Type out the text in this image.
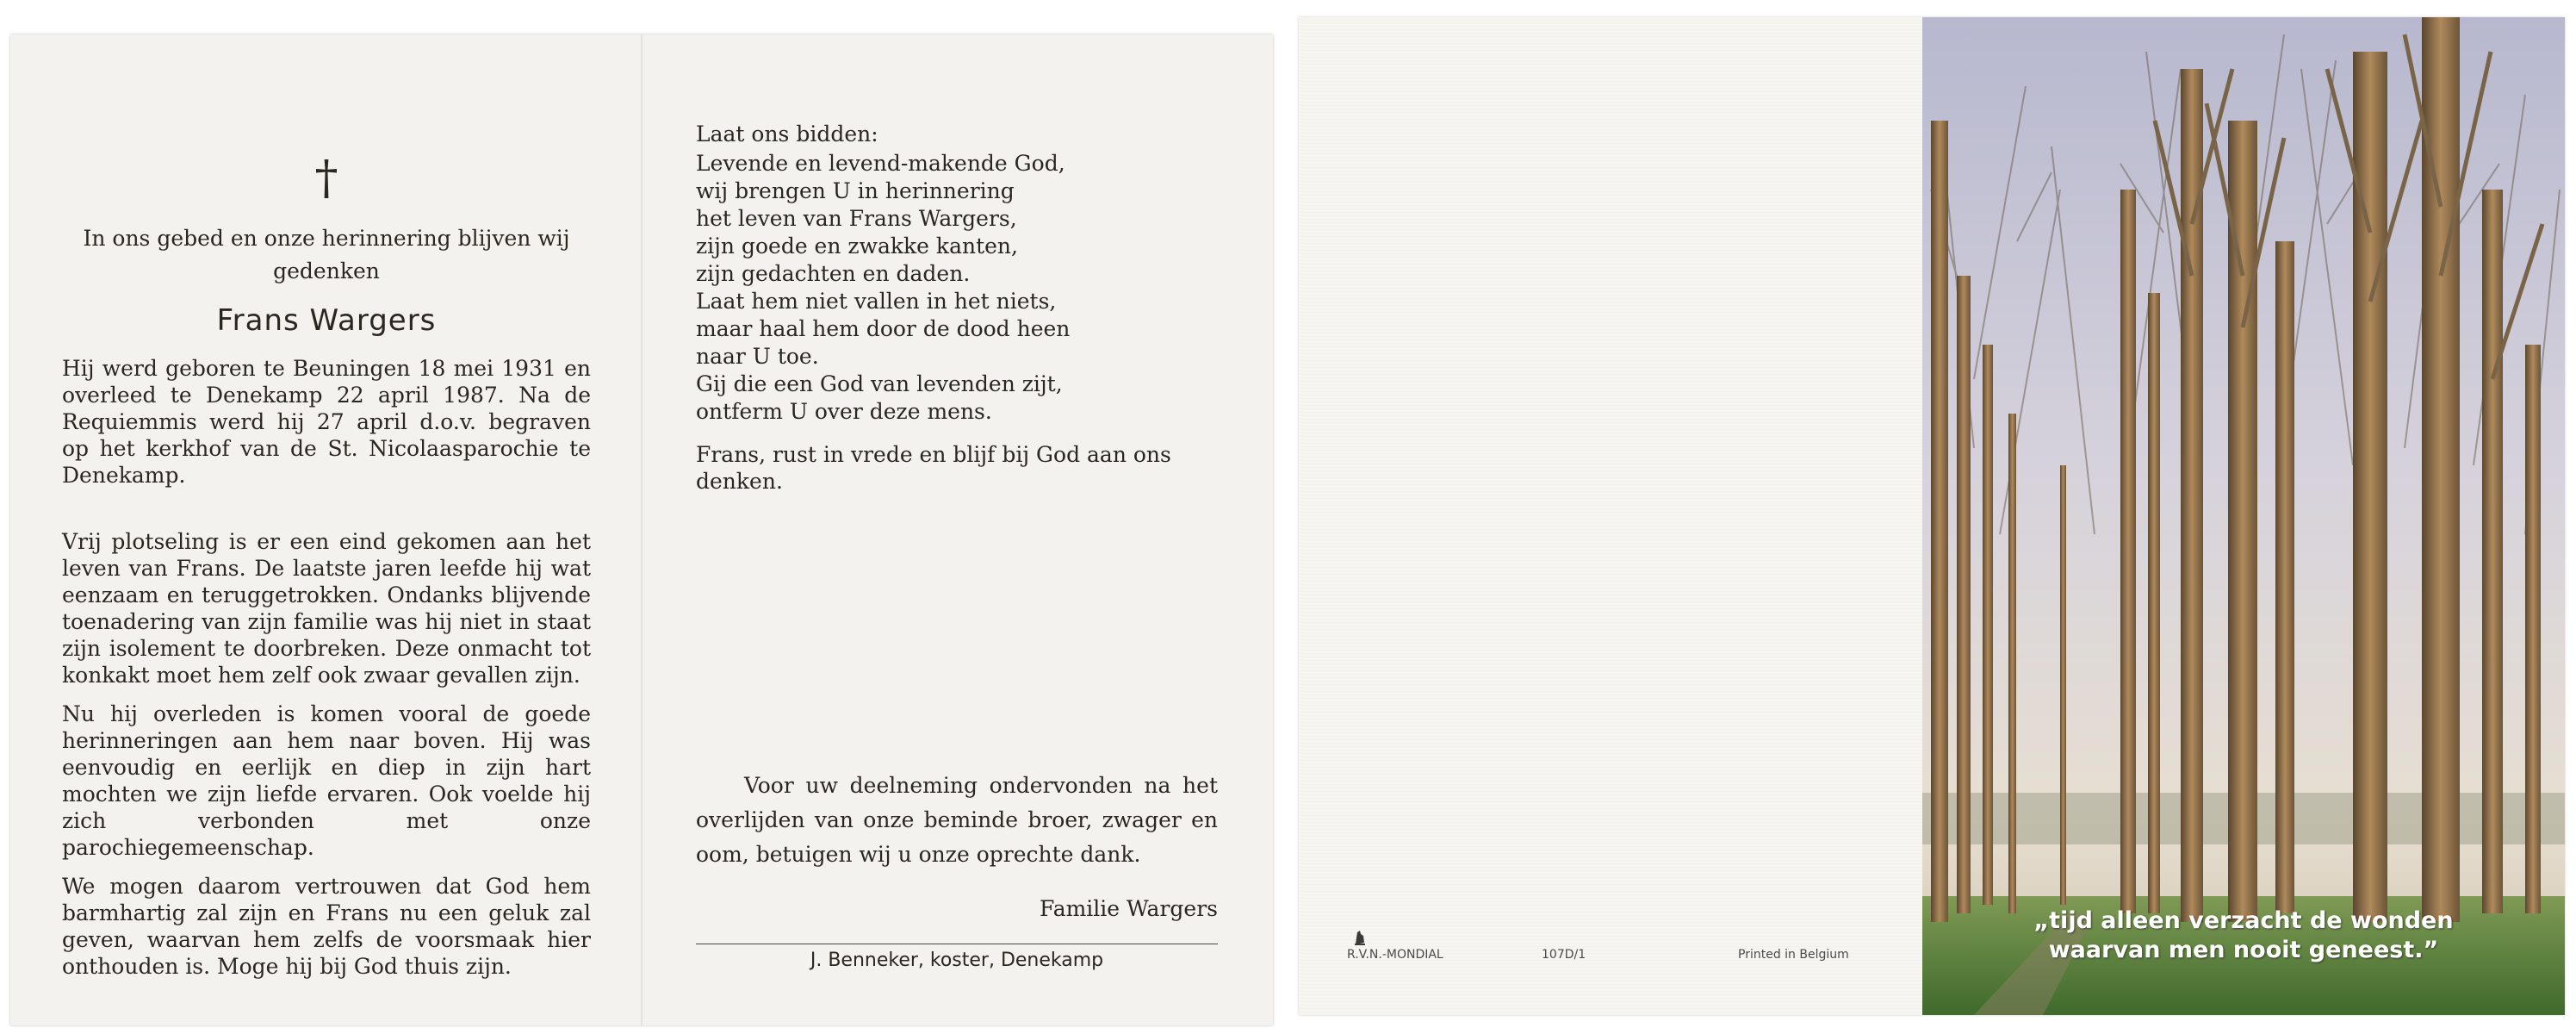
†
In ons gebed en onze herinnering blijven wij gedenken
Frans Wargers

Hij werd geboren te Beuningen 18 mei 1931 en overleed te Denekamp 22 april 1987. Na de Requiemmis werd hij 27 april d.o.v. begraven op het kerkhof van de St. Nicolaasparochie te Denekamp.

Vrij plotseling is er een eind gekomen aan het leven van Frans. De laatste jaren leefde hij wat eenzaam en teruggetrokken. Ondanks blijvende toenadering van zijn familie was hij niet in staat zijn isolement te doorbreken. Deze onmacht tot konkakt moet hem zelf ook zwaar gevallen zijn.

Nu hij overleden is komen vooral de goede herinneringen aan hem naar boven. Hij was eenvoudig en eerlijk en diep in zijn hart mochten we zijn liefde ervaren. Ook voelde hij zich verbonden met onze parochiegemeenschap.

We mogen daarom vertrouwen dat God hem barmhartig zal zijn en Frans nu een geluk zal geven, waarvan hem zelfs de voorsmaak hier onthouden is. Moge hij bij God thuis zijn.

Laat ons bidden:
Levende en levend-makende God,
wij brengen U in herinnering
het leven van Frans Wargers,
zijn goede en zwakke kanten,
zijn gedachten en daden.
Laat hem niet vallen in het niets,
maar haal hem door de dood heen
naar U toe.
Gij die een God van levenden zijt,
ontferm U over deze mens.
Frans, rust in vrede en blijf bij God aan ons denken.
Voor uw deelneming ondervonden na het overlijden van onze beminde broer, zwager en oom, betuigen wij u onze oprechte dank.
Familie Wargers
J. Benneker, koster, Denekamp	R.V.N.-MONDIAL	107D/1	Printed in Belgium
„tijd alleen verzacht de wonden
waarvan men nooit geneest.”
